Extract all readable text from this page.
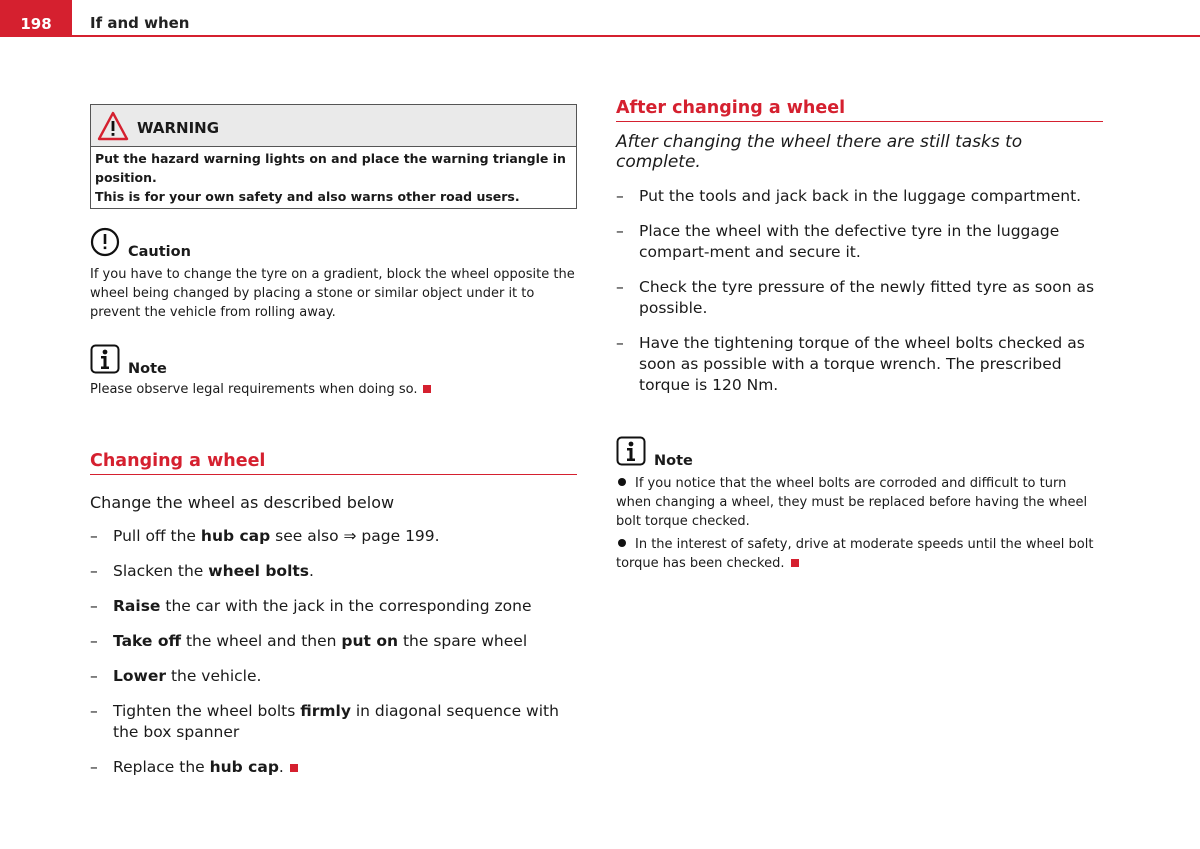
198	If and when
WARNING
Put the hazard warning lights on and place the warning triangle in position.
This is for your own safety and also warns other road users.
Caution
If you have to change the tyre on a gradient, block the wheel opposite the wheel being changed by placing a stone or similar object under it to prevent the vehicle from rolling away.
Note
Please observe legal requirements when doing so.
Changing a wheel
Change the wheel as described below
– Pull off the hub cap see also ⇒ page 199.
– Slacken the wheel bolts.
– Raise the car with the jack in the corresponding zone
– Take off the wheel and then put on the spare wheel
– Lower the vehicle.
– Tighten the wheel bolts firmly in diagonal sequence with the box spanner
– Replace the hub cap.
After changing a wheel
After changing the wheel there are still tasks to complete.
– Put the tools and jack back in the luggage compartment.
– Place the wheel with the defective tyre in the luggage compart-ment and secure it.
– Check the tyre pressure of the newly fitted tyre as soon as possible.
– Have the tightening torque of the wheel bolts checked as soon as possible with a torque wrench. The prescribed torque is 120 Nm.
Note
If you notice that the wheel bolts are corroded and difficult to turn when changing a wheel, they must be replaced before having the wheel bolt torque checked.
In the interest of safety, drive at moderate speeds until the wheel bolt torque has been checked.
